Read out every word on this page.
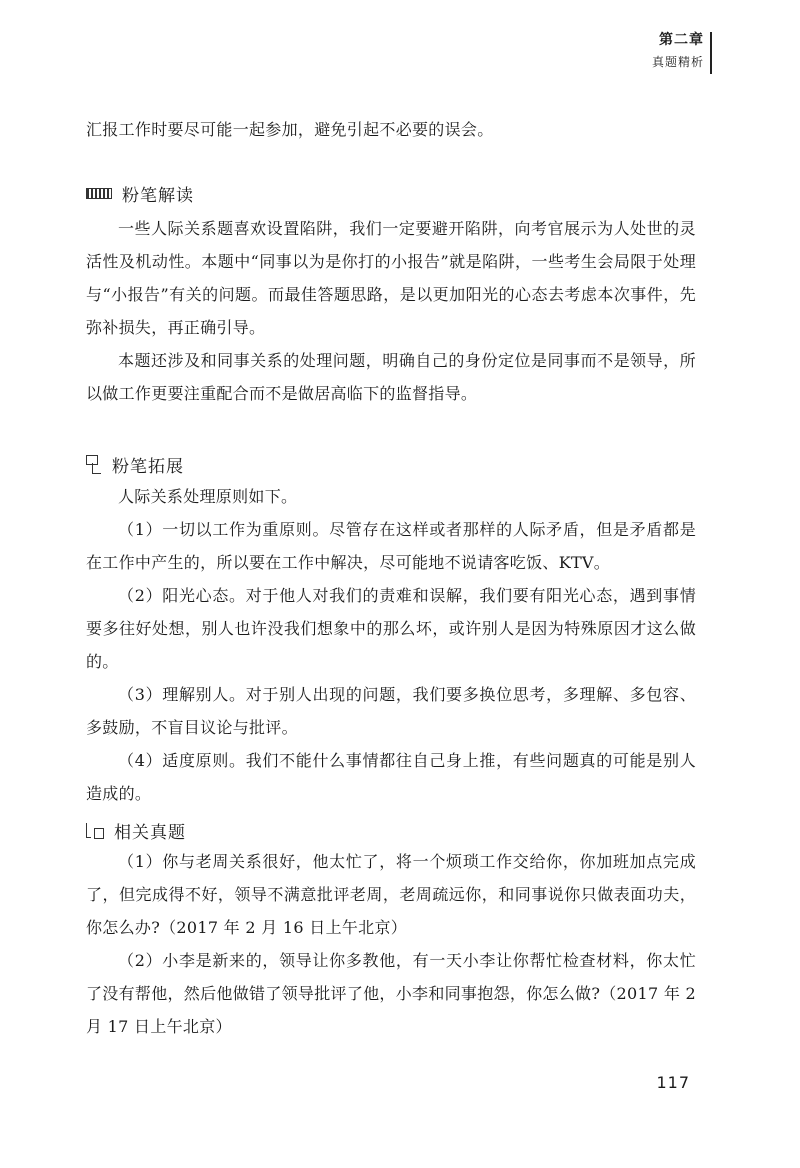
第二章
真题精析

汇报工作时要尽可能一起参加，避免引起不必要的误会。

粉笔解读

一些人际关系题喜欢设置陷阱，我们一定要避开陷阱，向考官展示为人处世的灵活性及机动性。本题中“同事以为是你打的小报告”就是陷阱，一些考生会局限于处理与“小报告”有关的问题。而最佳答题思路，是以更加阳光的心态去考虑本次事件，先弥补损失，再正确引导。

本题还涉及和同事关系的处理问题，明确自己的身份定位是同事而不是领导，所以做工作更要注重配合而不是做居高临下的监督指导。

粉笔拓展

人际关系处理原则如下。

（1）一切以工作为重原则。尽管存在这样或者那样的人际矛盾，但是矛盾都是在工作中产生的，所以要在工作中解决，尽可能地不说请客吃饭、KTV。

（2）阳光心态。对于他人对我们的责难和误解，我们要有阳光心态，遇到事情要多往好处想，别人也许没我们想象中的那么坏，或许别人是因为特殊原因才这么做的。

（3）理解别人。对于别人出现的问题，我们要多换位思考，多理解、多包容、多鼓励，不盲目议论与批评。

（4）适度原则。我们不能什么事情都往自己身上推，有些问题真的可能是别人造成的。

相关真题

（1）你与老周关系很好，他太忙了，将一个烦琐工作交给你，你加班加点完成了，但完成得不好，领导不满意批评老周，老周疏远你，和同事说你只做表面功夫，你怎么办?（2017 年 2 月 16 日上午北京）

（2）小李是新来的，领导让你多教他，有一天小李让你帮忙检查材料，你太忙了没有帮他，然后他做错了领导批评了他，小李和同事抱怨，你怎么做?（2017 年 2 月 17 日上午北京）

117
